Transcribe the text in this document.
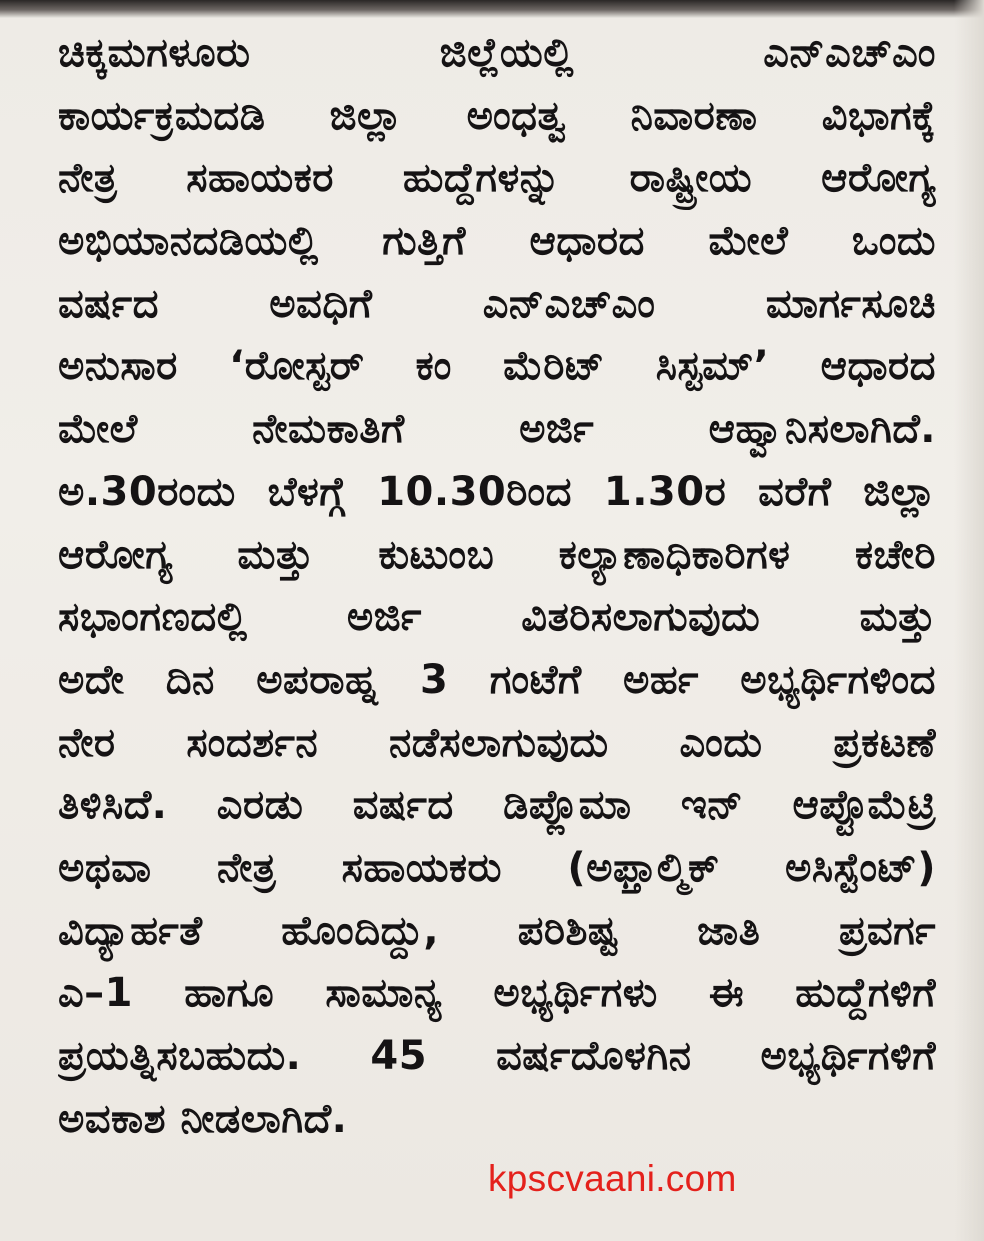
ಚಿಕ್ಕಮಗಳೂರು ಜಿಲ್ಲೆಯಲ್ಲಿ ಎನ್‌ಎಚ್‌ಎಂ
ಕಾರ್ಯಕ್ರಮದಡಿ ಜಿಲ್ಲಾ ಅಂಧತ್ವ ನಿವಾರಣಾ ವಿಭಾಗಕ್ಕೆ
ನೇತ್ರ ಸಹಾಯಕರ ಹುದ್ದೆಗಳನ್ನು ರಾಷ್ಟ್ರೀಯ ಆರೋಗ್ಯ
ಅಭಿಯಾನದಡಿಯಲ್ಲಿ ಗುತ್ತಿಗೆ ಆಧಾರದ ಮೇಲೆ ಒಂದು
ವರ್ಷದ ಅವಧಿಗೆ ಎನ್‌ಎಚ್‌ಎಂ ಮಾರ್ಗಸೂಚಿ
ಅನುಸಾರ ‘ರೋಸ್ಟರ್ ಕಂ ಮೆರಿಟ್ ಸಿಸ್ಟಮ್’ ಆಧಾರದ
ಮೇಲೆ ನೇಮಕಾತಿಗೆ ಅರ್ಜಿ ಆಹ್ವಾನಿಸಲಾಗಿದೆ.
ಅ.30ರಂದು ಬೆಳಗ್ಗೆ 10.30ರಿಂದ 1.30ರ ವರೆಗೆ ಜಿಲ್ಲಾ
ಆರೋಗ್ಯ ಮತ್ತು ಕುಟುಂಬ ಕಲ್ಯಾಣಾಧಿಕಾರಿಗಳ ಕಚೇರಿ
ಸಭಾಂಗಣದಲ್ಲಿ ಅರ್ಜಿ ವಿತರಿಸಲಾಗುವುದು ಮತ್ತು
ಅದೇ ದಿನ ಅಪರಾಹ್ನ 3 ಗಂಟೆಗೆ ಅರ್ಹ ಅಭ್ಯರ್ಥಿಗಳಿಂದ
ನೇರ ಸಂದರ್ಶನ ನಡೆಸಲಾಗುವುದು ಎಂದು ಪ್ರಕಟಣೆ
ತಿಳಿಸಿದೆ. ಎರಡು ವರ್ಷದ ಡಿಪ್ಲೊಮಾ ಇನ್ ಆಪ್ಟೊಮೆಟ್ರಿ
ಅಥವಾ ನೇತ್ರ ಸಹಾಯಕರು (ಅಫ್ತಾಲ್ಮಿಕ್ ಅಸಿಸ್ಟೆಂಟ್)
ವಿದ್ಯಾರ್ಹತೆ ಹೊಂದಿದ್ದು, ಪರಿಶಿಷ್ಟ ಜಾತಿ ಪ್ರವರ್ಗ
ಎ–1 ಹಾಗೂ ಸಾಮಾನ್ಯ ಅಭ್ಯರ್ಥಿಗಳು ಈ ಹುದ್ದೆಗಳಿಗೆ
ಪ್ರಯತ್ನಿಸಬಹುದು. 45 ವರ್ಷದೊಳಗಿನ ಅಭ್ಯರ್ಥಿಗಳಿಗೆ
ಅವಕಾಶ ನೀಡಲಾಗಿದೆ.
kpscvaani.com
